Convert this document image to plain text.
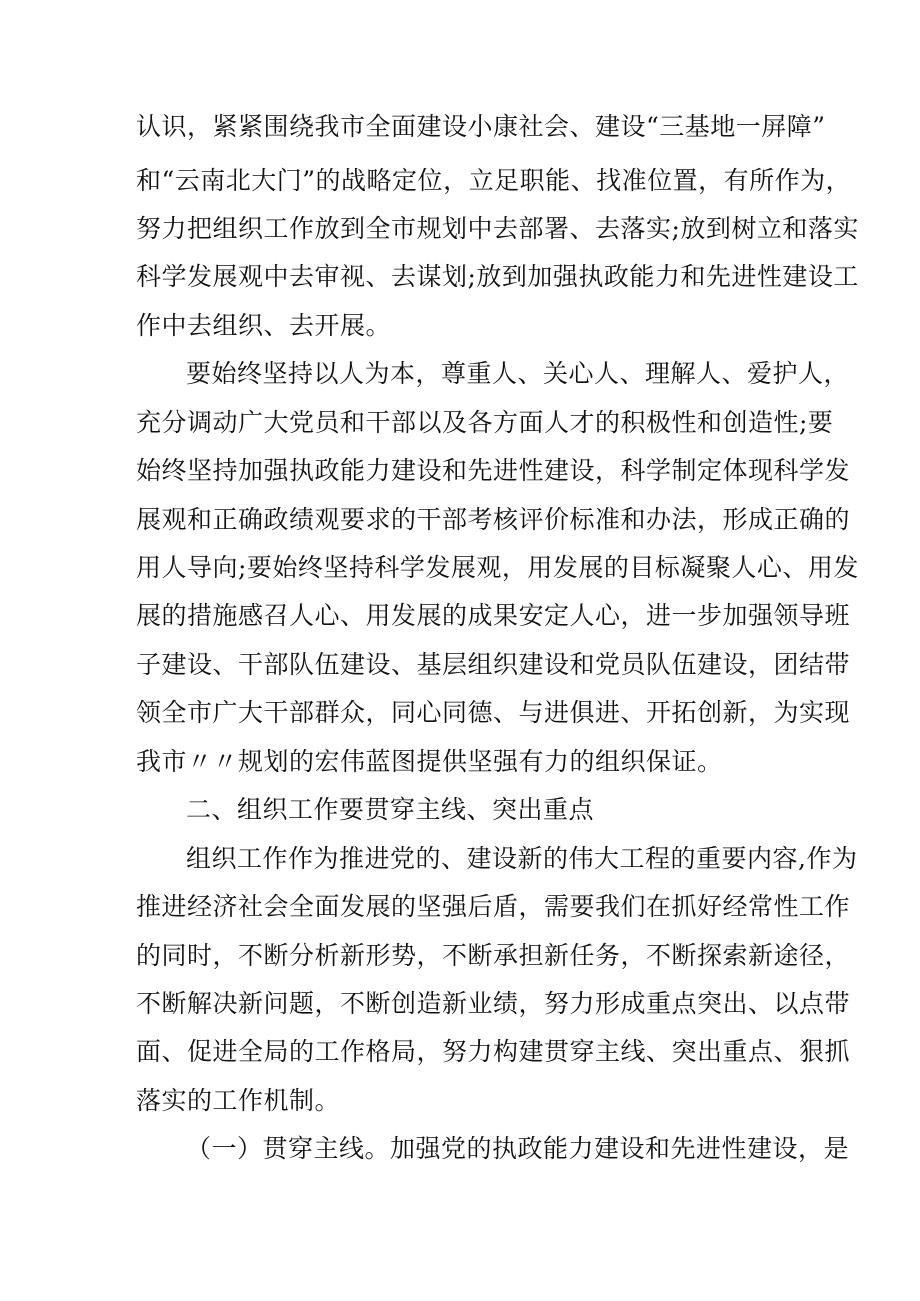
认识，紧紧围绕我市全面建设小康社会、建设“三基地一屏障”
和“云南北大门”的战略定位，立足职能、找准位置，有所作为，
努力把组织工作放到全市规划中去部署、去落实;放到树立和落实
科学发展观中去审视、去谋划;放到加强执政能力和先进性建设工
作中去组织、去开展。
要始终坚持以人为本，尊重人、关心人、理解人、爱护人，
充分调动广大党员和干部以及各方面人才的积极性和创造性;要
始终坚持加强执政能力建设和先进性建设，科学制定体现科学发
展观和正确政绩观要求的干部考核评价标准和办法，形成正确的
用人导向;要始终坚持科学发展观，用发展的目标凝聚人心、用发
展的措施感召人心、用发展的成果安定人心，进一步加强领导班
子建设、干部队伍建设、基层组织建设和党员队伍建设，团结带
领全市广大干部群众，同心同德、与进俱进、开拓创新，为实现
我市〃〃规划的宏伟蓝图提供坚强有力的组织保证。
二、组织工作要贯穿主线、突出重点
组织工作作为推进党的、建设新的伟大工程的重要内容,作为
推进经济社会全面发展的坚强后盾，需要我们在抓好经常性工作
的同时，不断分析新形势，不断承担新任务，不断探索新途径，
不断解决新问题，不断创造新业绩，努力形成重点突出、以点带
面、促进全局的工作格局，努力构建贯穿主线、突出重点、狠抓
落实的工作机制。
（一）贯穿主线。加强党的执政能力建设和先进性建设，是
